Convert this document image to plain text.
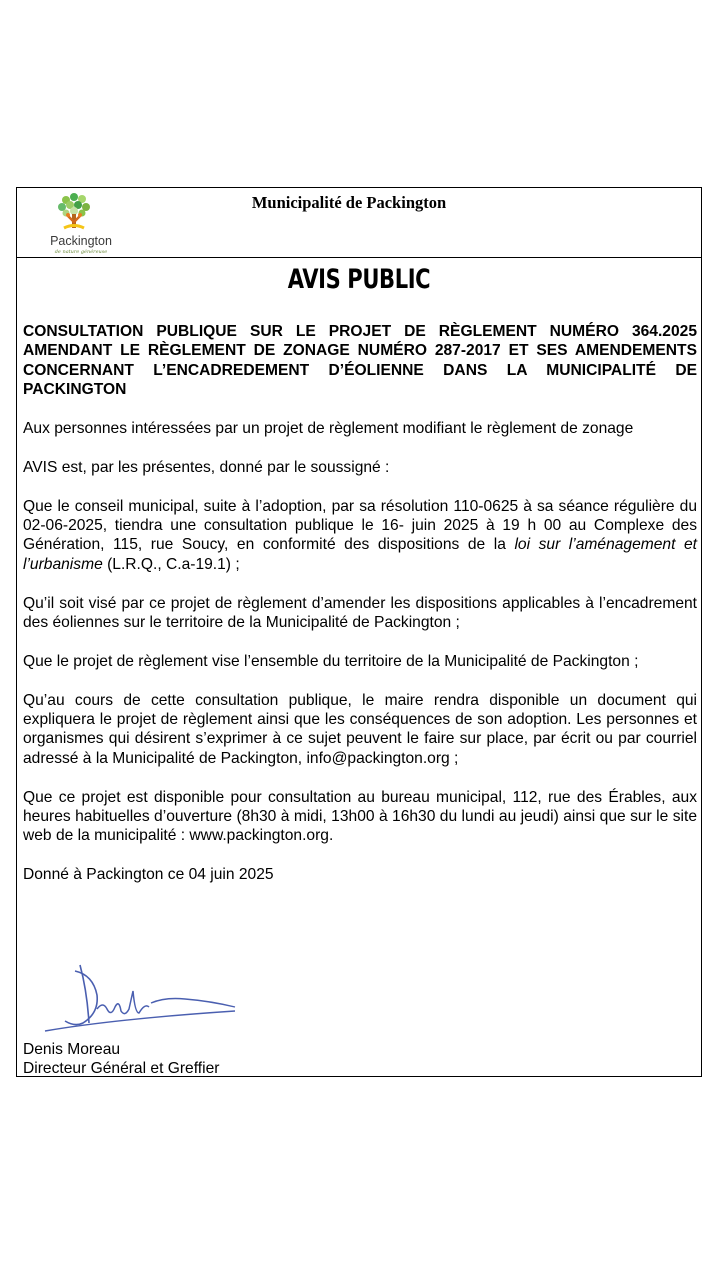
Packington
de nature généreuse
Municipalité de Packington
AVIS PUBLIC

CONSULTATION PUBLIQUE SUR LE PROJET DE RÈGLEMENT NUMÉRO 364.2025 AMENDANT LE RÈGLEMENT DE ZONAGE NUMÉRO 287-2017 ET SES AMENDEMENTS CONCERNANT L’ENCADREDEMENT D’ÉOLIENNE DANS LA MUNICIPALITÉ DE PACKINGTON

Aux personnes intéressées par un projet de règlement modifiant le règlement de zonage

AVIS est, par les présentes, donné par le soussigné :

Que le conseil municipal, suite à l’adoption, par sa résolution 110-0625 à sa séance régulière du 02-06-2025, tiendra une consultation publique le 16- juin 2025 à 19 h 00 au Complexe des Génération, 115, rue Soucy, en conformité des dispositions de la loi sur l’aménagement et l’urbanisme (L.R.Q., C.a-19.1) ;

Qu’il soit visé par ce projet de règlement d’amender les dispositions applicables à l’encadrement des éoliennes sur le territoire de la Municipalité de Packington ;

Que le projet de règlement vise l’ensemble du territoire de la Municipalité de Packington ;

Qu’au cours de cette consultation publique, le maire rendra disponible un document qui expliquera le projet de règlement ainsi que les conséquences de son adoption. Les personnes et organismes qui désirent s’exprimer à ce sujet peuvent le faire sur place, par écrit ou par courriel adressé à la Municipalité de Packington, info@packington.org ;

Que ce projet est disponible pour consultation au bureau municipal, 112, rue des Érables, aux heures habituelles d’ouverture (8h30 à midi, 13h00 à 16h30 du lundi au jeudi) ainsi que sur le site web de la municipalité : www.packington.org.

Donné à Packington ce 04 juin 2025

Denis Moreau
Directeur Général et Greffier
